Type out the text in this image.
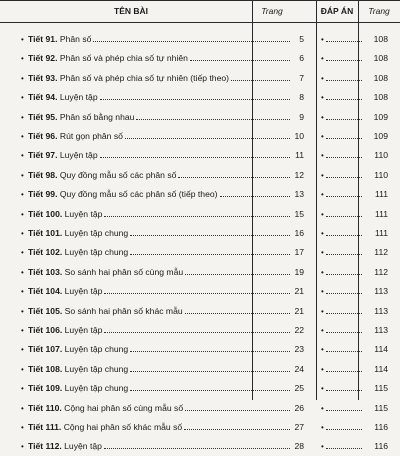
TÊN BÀI	Trang	ĐÁP ÁN	Trang
• Tiết 91. Phân số	5 •	108
• Tiết 92. Phân số và phép chia số tự nhiên	6 •	108
• Tiết 93. Phân số và phép chia số tự nhiên (tiếp theo)	7 •	108
• Tiết 94. Luyện tập	8 •	108
• Tiết 95. Phân số bằng nhau	9 •	109
• Tiết 96. Rút gọn phân số	10 •	109
• Tiết 97. Luyện tập	11 •	110
• Tiết 98. Quy đồng mẫu số các phân số	12 •	110
• Tiết 99. Quy đồng mẫu số các phân số (tiếp theo)	13 •	111
• Tiết 100. Luyện tập	15 •	111
• Tiết 101. Luyện tập chung	16 •	111
• Tiết 102. Luyện tập chung	17 •	112
• Tiết 103. So sánh hai phân số cùng mẫu	19 •	112
• Tiết 104. Luyện tập	21 •	113
• Tiết 105. So sánh hai phân số khác mẫu	21 •	113
• Tiết 106. Luyện tập	22 •	113
• Tiết 107. Luyện tập chung	23 •	114
• Tiết 108. Luyện tập chung	24 •	114
• Tiết 109. Luyện tập chung	25 •	115
• Tiết 110. Cộng hai phân số cùng mẫu số	26 •	115
• Tiết 111. Cộng hai phân số khác mẫu số	27 •	116
• Tiết 112. Luyện tập	28 •	116
